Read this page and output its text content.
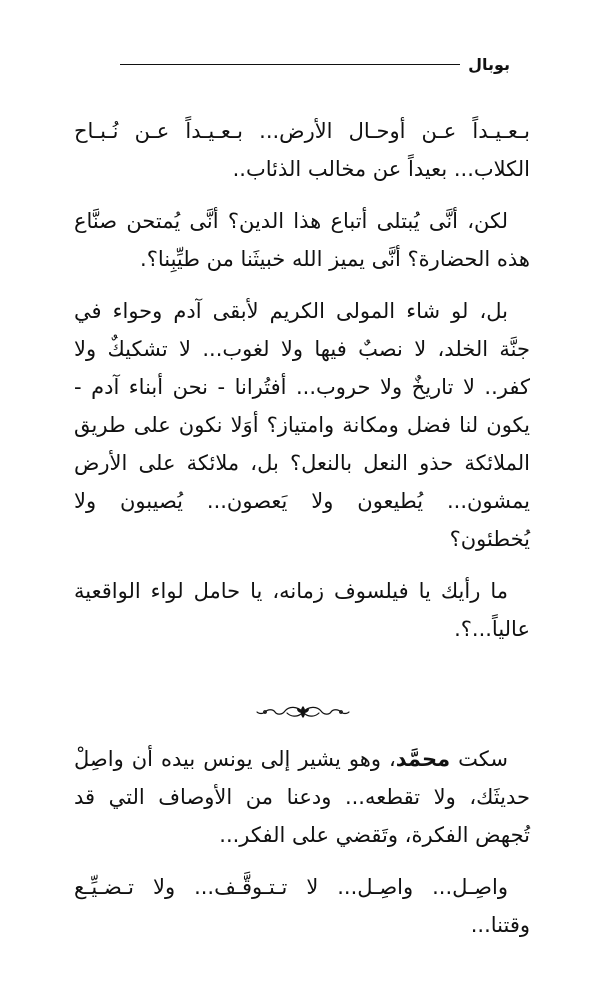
بوبال

بـعـيـداً عـن أوحـال الأرض... بـعـيـداً عـن نُـبـاح الكلاب... بعيداً عن مخالب الذئاب..

لكن، أنَّى يُبتلى أتباع هذا الدين؟ أنَّى يُمتحن صنَّاع هذه الحضارة؟ أنَّى يميز الله خبيثَنا من طيِّبِنا؟.

بل، لو شاء المولى الكريم لأبقى آدم وحواء في جنَّة الخلد، لا نصبٌ فيها ولا لغوب... لا تشكيكٌ ولا كفر.. لا تاريخٌ ولا حروب... أفتُرانا - نحن أبناء آدم - يكون لنا فضل ومكانة وامتياز؟ أوَلا نكون على طريق الملائكة حذو النعل بالنعل؟ بل، ملائكة على الأرض يمشون... يُطيعون ولا يَعصون... يُصيبون ولا يُخطئون؟

ما رأيك يا فيلسوف زمانه، يا حامل لواء الواقعية عالياً...؟.

سكت محمَّد، وهو يشير إلى يونس بيده أن واصِلْ حديثَك، ولا تقطعه... ودعنا من الأوصاف التي قد تُجهض الفكرة، وتَقضي على الفكر...

واصِـل... واصِـل... لا تـتـوقَّـف... ولا تـضـيِّـع وقتنا...
